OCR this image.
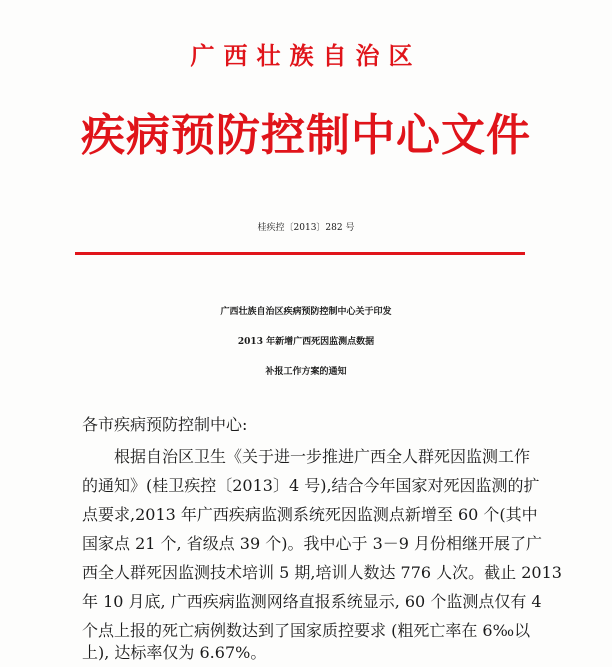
广西壮族自治区
疾病预防控制中心文件
桂疾控〔2013〕282 号
广西壮族自治区疾病预防控制中心关于印发
2013 年新增广西死因监测点数据
补报工作方案的通知
各市疾病预防控制中心:
根据自治区卫生《关于进一步推进广西全人群死因监测工作
的通知》(桂卫疾控〔2013〕4 号),结合今年国家对死因监测的扩
点要求,2013 年广西疾病监测系统死因监测点新增至 60 个(其中
国家点 21 个, 省级点 39 个)。我中心于 3－9 月份相继开展了广
西全人群死因监测技术培训 5 期,培训人数达 776 人次。截止 2013
年 10 月底, 广西疾病监测网络直报系统显示, 60 个监测点仅有 4
个点上报的死亡病例数达到了国家质控要求 (粗死亡率在 6‰以
上), 达标率仅为 6.67%。
